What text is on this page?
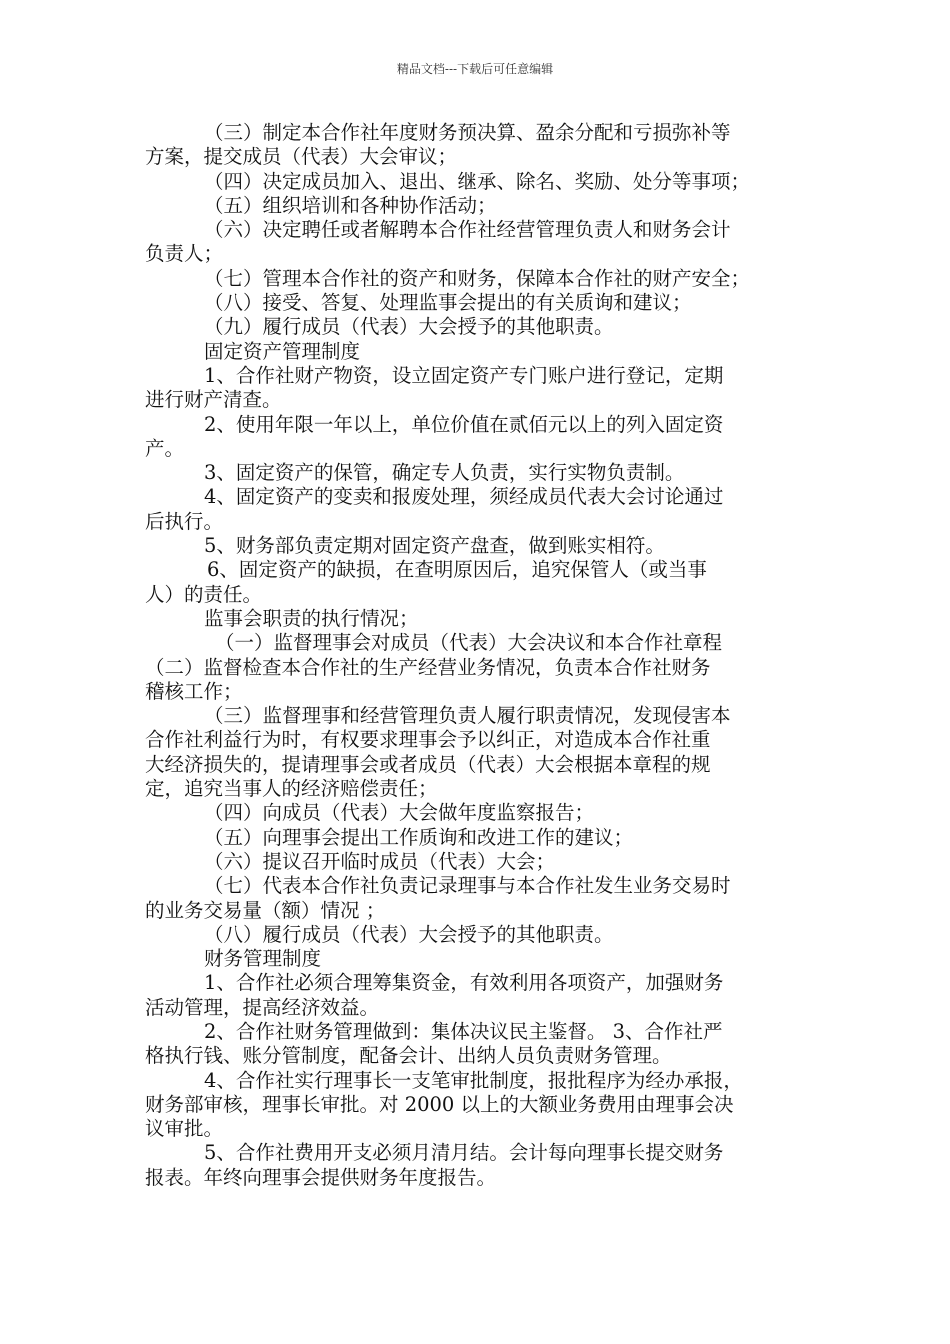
精品文档---下载后可任意编辑

（三）制定本合作社年度财务预决算、盈余分配和亏损弥补等

方案，提交成员（代表）大会审议；

（四）决定成员加入、退出、继承、除名、奖励、处分等事项；

（五）组织培训和各种协作活动；

（六）决定聘任或者解聘本合作社经营管理负责人和财务会计

负责人；

（七）管理本合作社的资产和财务，保障本合作社的财产安全；

（八）接受、答复、处理监事会提出的有关质询和建议；

（九）履行成员（代表）大会授予的其他职责。

固定资产管理制度

1、合作社财产物资，设立固定资产专门账户进行登记，定期

进行财产清查。

2、使用年限一年以上，单位价值在贰佰元以上的列入固定资

产。

3、固定资产的保管，确定专人负责，实行实物负责制。

4、固定资产的变卖和报废处理，须经成员代表大会讨论通过

后执行。

5、财务部负责定期对固定资产盘查，做到账实相符。

6、固定资产的缺损，在查明原因后，追究保管人（或当事

人）的责任。

监事会职责的执行情况；

（一）监督理事会对成员（代表）大会决议和本合作社章程

（二）监督检查本合作社的生产经营业务情况，负责本合作社财务

稽核工作；

（三）监督理事和经营管理负责人履行职责情况，发现侵害本

合作社利益行为时，有权要求理事会予以纠正，对造成本合作社重

大经济损失的，提请理事会或者成员（代表）大会根据本章程的规

定，追究当事人的经济赔偿责任；

（四）向成员（代表）大会做年度监察报告；

（五）向理事会提出工作质询和改进工作的建议；

（六）提议召开临时成员（代表）大会；

（七）代表本合作社负责记录理事与本合作社发生业务交易时

的业务交易量（额）情况 ；

（八）履行成员（代表）大会授予的其他职责。

财务管理制度

1、合作社必须合理筹集资金，有效利用各项资产，加强财务

活动管理，提高经济效益。

2、合作社财务管理做到：集体决议民主鉴督。 3、合作社严

格执行钱、账分管制度，配备会计、出纳人员负责财务管理。

4、合作社实行理事长一支笔审批制度，报批程序为经办承报，

财务部审核，理事长审批。对 2000 以上的大额业务费用由理事会决

议审批。

5、合作社费用开支必须月清月结。会计每向理事长提交财务

报表。年终向理事会提供财务年度报告。
